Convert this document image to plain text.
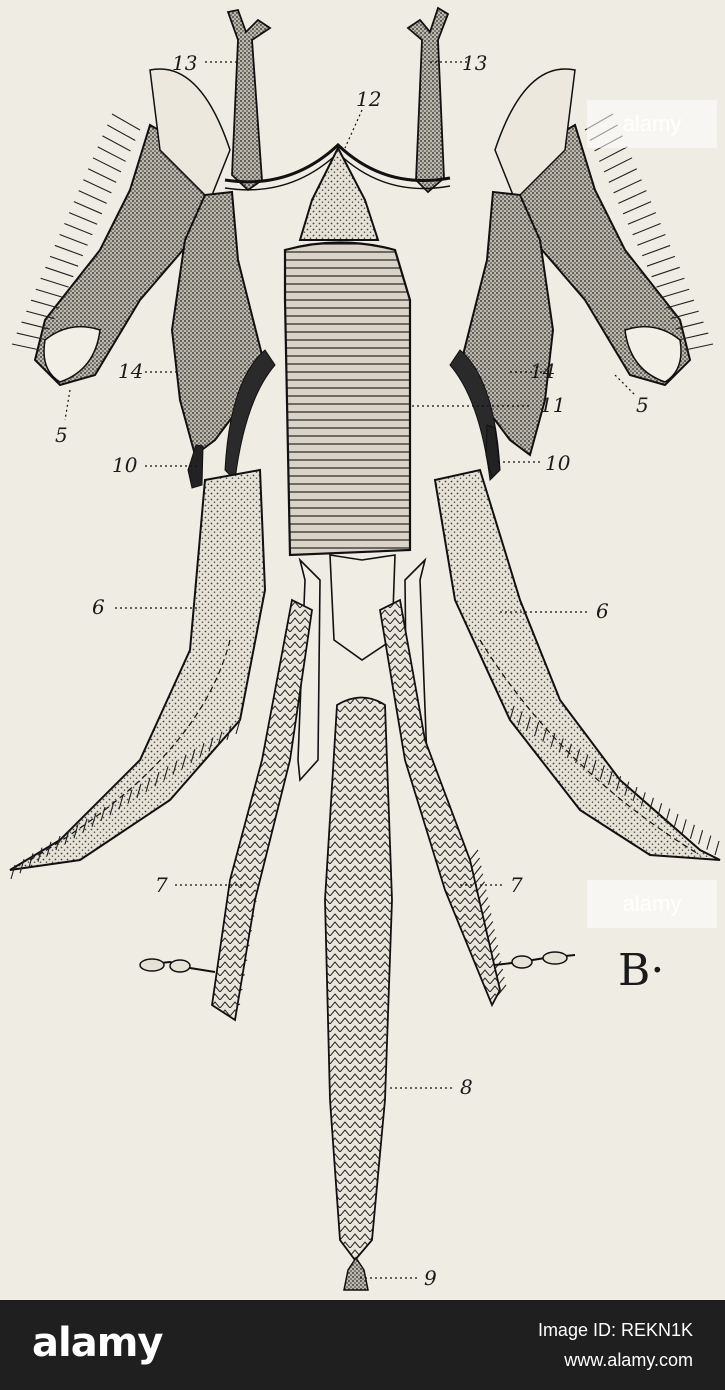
13	13
12
14	14
11
5
5
10	10
6	6
7	7
8
9
B·
alamy
alamy
alamy	Image ID: REKN1K
www.alamy.com
